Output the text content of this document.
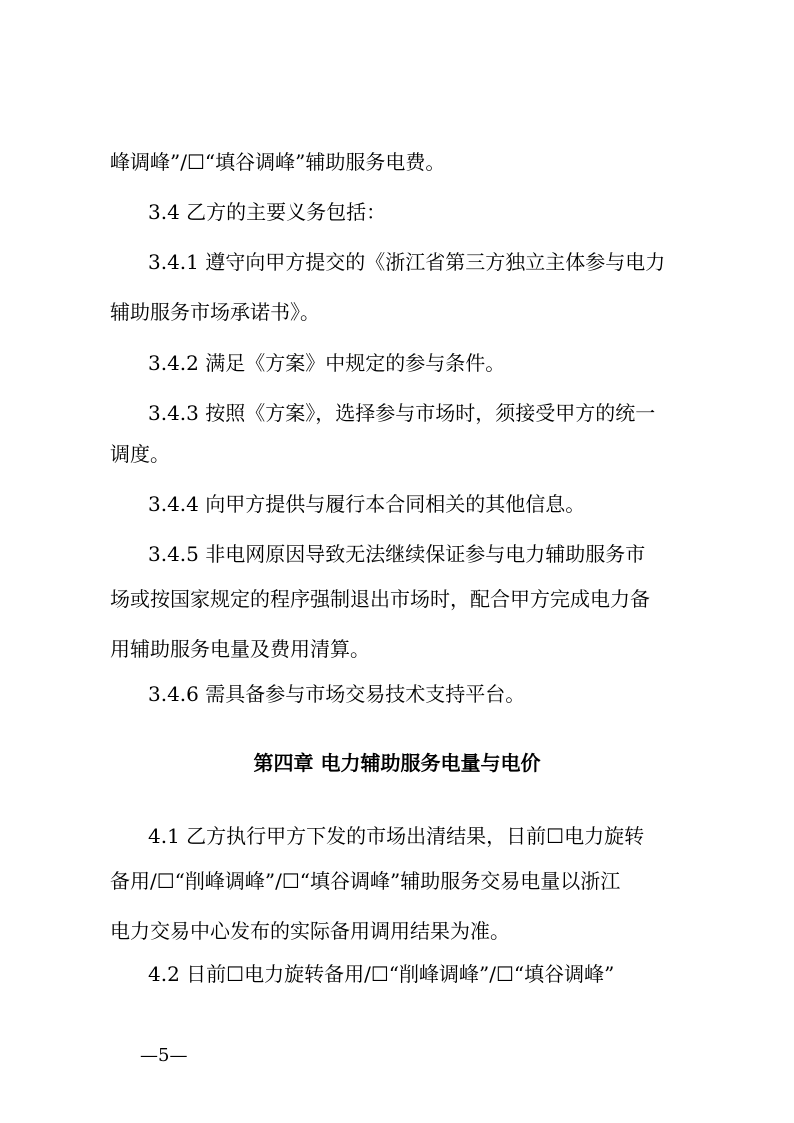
峰调峰”/☐“填谷调峰”辅助服务电费。
3.4 乙方的主要义务包括：
3.4.1 遵守向甲方提交的《浙江省第三方独立主体参与电力
辅助服务市场承诺书》。
3.4.2 满足《方案》中规定的参与条件。
3.4.3 按照《方案》，选择参与市场时，须接受甲方的统一
调度。
3.4.4 向甲方提供与履行本合同相关的其他信息。
3.4.5 非电网原因导致无法继续保证参与电力辅助服务市
场或按国家规定的程序强制退出市场时，配合甲方完成电力备
用辅助服务电量及费用清算。
3.4.6 需具备参与市场交易技术支持平台。
第四章 电力辅助服务电量与电价
4.1 乙方执行甲方下发的市场出清结果，日前☐电力旋转
备用/☐“削峰调峰”/☐“填谷调峰”辅助服务交易电量以浙江
电力交易中心发布的实际备用调用结果为准。
4.2 日前☐电力旋转备用/☐“削峰调峰”/☐“填谷调峰”
—5—
